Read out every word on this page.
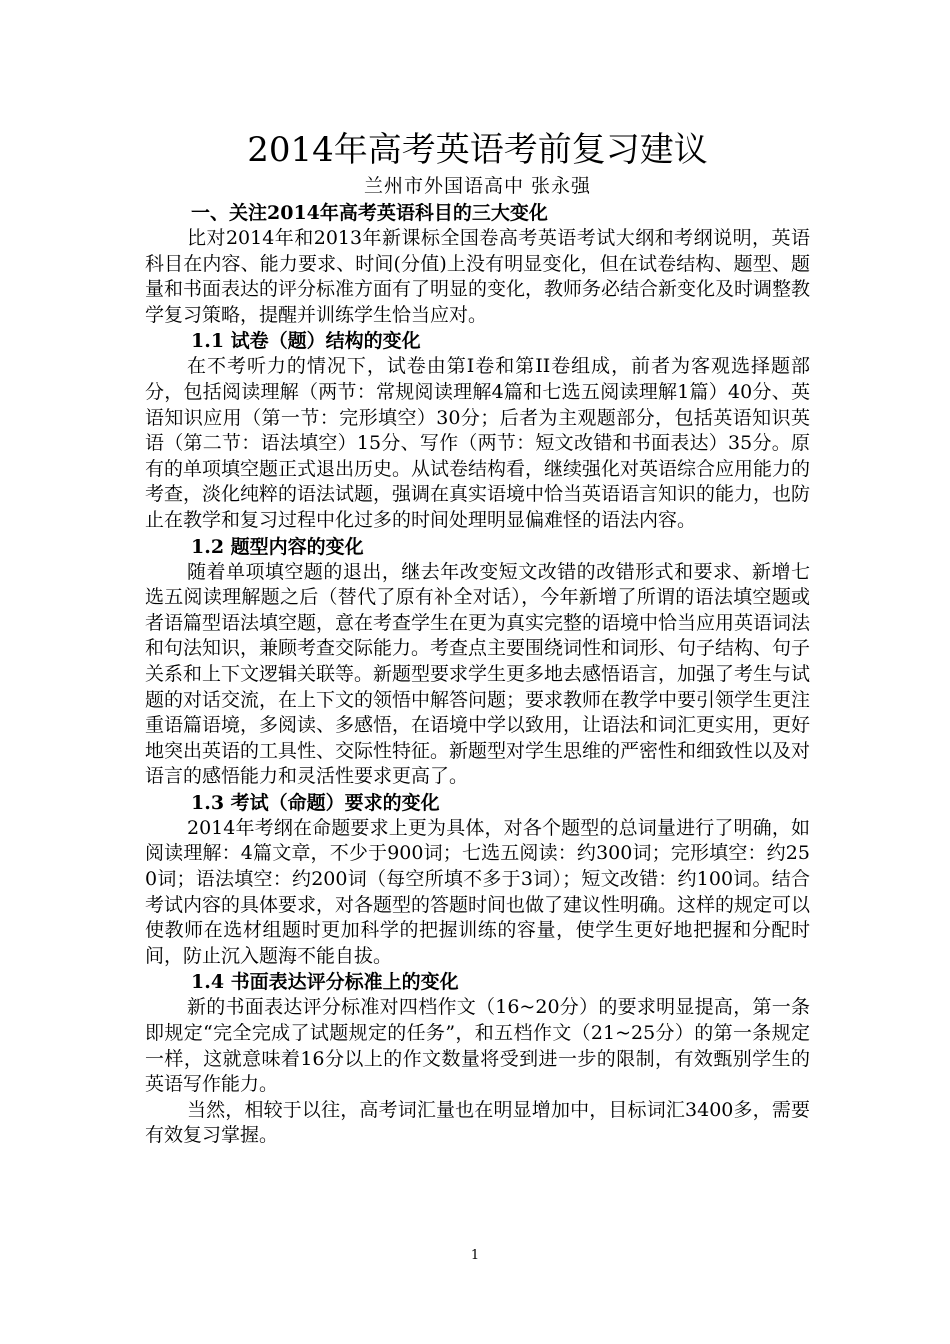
2014年高考英语考前复习建议
兰州市外国语高中 张永强

一、关注2014年高考英语科目的三大变化

比对2014年和2013年新课标全国卷高考英语考试大纲和考纲说明，英语科目在内容、能力要求、时间(分值)上没有明显变化，但在试卷结构、题型、题量和书面表达的评分标准方面有了明显的变化，教师务必结合新变化及时调整教学复习策略，提醒并训练学生恰当应对。

1.1 试卷（题）结构的变化

在不考听力的情况下，试卷由第I卷和第II卷组成，前者为客观选择题部分，包括阅读理解（两节：常规阅读理解4篇和七选五阅读理解1篇）40分、英语知识应用（第一节：完形填空）30分；后者为主观题部分，包括英语知识英语（第二节：语法填空）15分、写作（两节：短文改错和书面表达）35分。原有的单项填空题正式退出历史。从试卷结构看，继续强化对英语综合应用能力的考查，淡化纯粹的语法试题，强调在真实语境中恰当英语语言知识的能力，也防止在教学和复习过程中化过多的时间处理明显偏难怪的语法内容。

1.2 题型内容的变化

随着单项填空题的退出，继去年改变短文改错的改错形式和要求、新增七选五阅读理解题之后（替代了原有补全对话），今年新增了所谓的语法填空题或者语篇型语法填空题，意在考查学生在更为真实完整的语境中恰当应用英语词法和句法知识，兼顾考查交际能力。考查点主要围绕词性和词形、句子结构、句子关系和上下文逻辑关联等。新题型要求学生更多地去感悟语言，加强了考生与试题的对话交流，在上下文的领悟中解答问题；要求教师在教学中要引领学生更注重语篇语境，多阅读、多感悟，在语境中学以致用，让语法和词汇更实用，更好地突出英语的工具性、交际性特征。新题型对学生思维的严密性和细致性以及对语言的感悟能力和灵活性要求更高了。

1.3 考试（命题）要求的变化

2014年考纲在命题要求上更为具体，对各个题型的总词量进行了明确，如阅读理解：4篇文章，不少于900词；七选五阅读：约300词；完形填空：约250词；语法填空：约200词（每空所填不多于3词）；短文改错：约100词。结合考试内容的具体要求，对各题型的答题时间也做了建议性明确。这样的规定可以使教师在选材组题时更加科学的把握训练的容量，使学生更好地把握和分配时间，防止沉入题海不能自拔。

1.4 书面表达评分标准上的变化

新的书面表达评分标准对四档作文（16~20分）的要求明显提高，第一条即规定“完全完成了试题规定的任务”，和五档作文（21~25分）的第一条规定一样，这就意味着16分以上的作文数量将受到进一步的限制，有效甄别学生的英语写作能力。

当然，相较于以往，高考词汇量也在明显增加中，目标词汇3400多，需要有效复习掌握。

1
